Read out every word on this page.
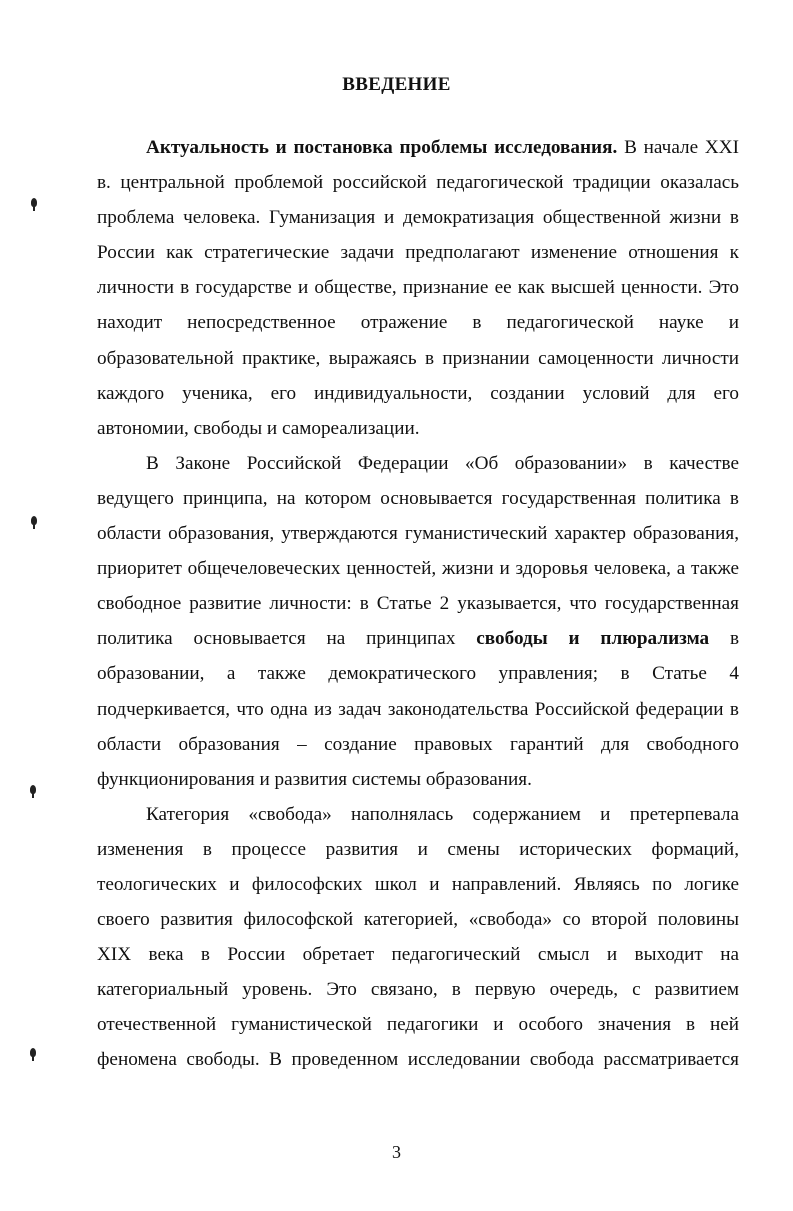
ВВЕДЕНИЕ
Актуальность и постановка проблемы исследования. В начале XXI
в. центральной проблемой российской педагогической традиции оказалась
проблема человека. Гуманизация и демократизация общественной жизни в
России как стратегические задачи предполагают изменение отношения к
личности в государстве и обществе, признание ее как высшей ценности. Это
находит непосредственное отражение в педагогической науке и
образовательной практике, выражаясь в признании самоценности личности
каждого ученика, его индивидуальности, создании условий для его
автономии, свободы и самореализации.
В Законе Российской Федерации «Об образовании» в качестве
ведущего принципа, на котором основывается государственная политика в
области образования, утверждаются гуманистический характер образования,
приоритет общечеловеческих ценностей, жизни и здоровья человека, а также
свободное развитие личности: в Статье 2 указывается, что государственная
политика основывается на принципах свободы и плюрализма в
образовании, а также демократического управления; в Статье 4
подчеркивается, что одна из задач законодательства Российской федерации в
области образования – создание правовых гарантий для свободного
функционирования и развития системы образования.
Категория «свобода» наполнялась содержанием и претерпевала
изменения в процессе развития и смены исторических формаций,
теологических и философских школ и направлений. Являясь по логике
своего развития философской категорией, «свобода» со второй половины
XIX века в России обретает педагогический смысл и выходит на
категориальный уровень. Это связано, в первую очередь, с развитием
отечественной гуманистической педагогики и особого значения в ней
феномена свободы. В проведенном исследовании свобода рассматривается
3
